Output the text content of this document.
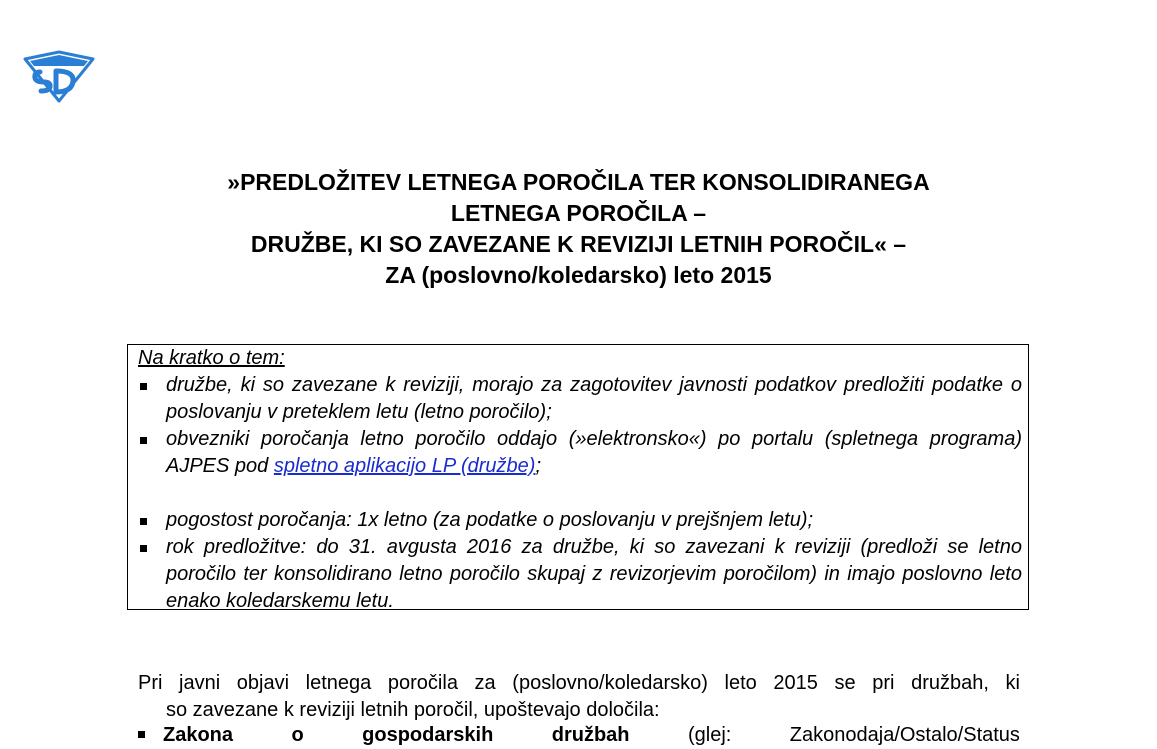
»PREDLOŽITEV LETNEGA POROČILA TER KONSOLIDIRANEGA
LETNEGA POROČILA –
DRUŽBE, KI SO ZAVEZANE K REVIZIJI LETNIH POROČIL« –
ZA (poslovno/koledarsko) leto 2015
Na kratko o tem:
družbe, ki so zavezane k reviziji, morajo za zagotovitev javnosti podatkov predložiti podatke o poslovanju v preteklem letu (letno poročilo);
obvezniki poročanja letno poročilo oddajo (»elektronsko«) po portalu (spletnega programa) AJPES pod spletno aplikacijo LP (družbe);
pogostost poročanja: 1x letno (za podatke o poslovanju v prejšnjem letu);
rok predložitve: do 31. avgusta 2016 za družbe, ki so zavezani k reviziji (predloži se letno poročilo ter konsolidirano letno poročilo skupaj z revizorjevim poročilom) in imajo poslovno leto enako koledarskemu letu.
Pri javni objavi letnega poročila za (poslovno/koledarsko) leto 2015 se pri družbah, ki
so zavezane k reviziji letnih poročil, upoštevajo določila:
Zakona	o	gospodarskih	družbah	(glej:	Zakonodaja/Ostalo/Status
